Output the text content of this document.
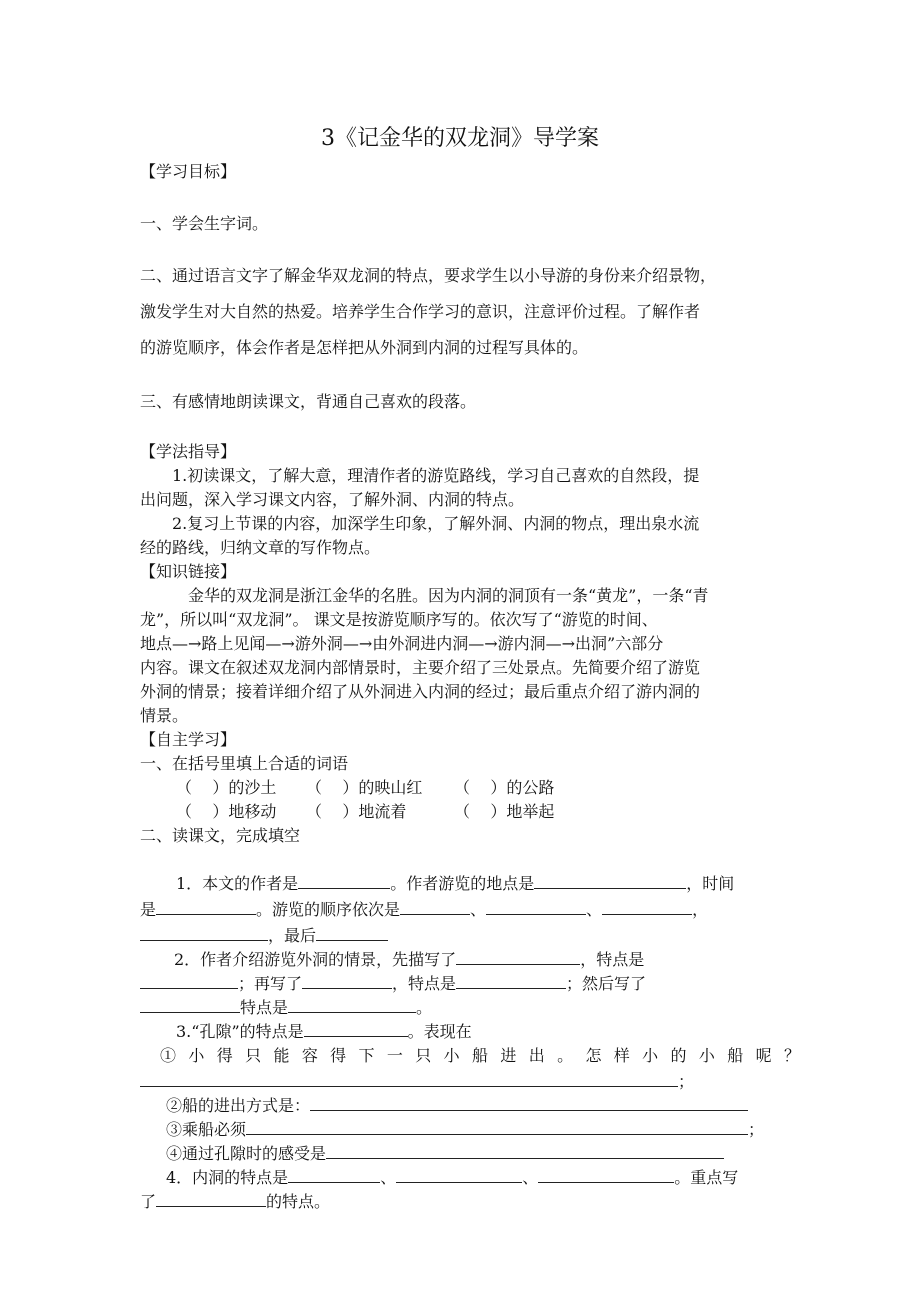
3《记金华的双龙洞》导学案
【学习目标】
一、学会生字词。
二、通过语言文字了解金华双龙洞的特点，要求学生以小导游的身份来介绍景物，
激发学生对大自然的热爱。培养学生合作学习的意识，注意评价过程。了解作者
的游览顺序，体会作者是怎样把从外洞到内洞的过程写具体的。
三、有感情地朗读课文，背通自己喜欢的段落。
【学法指导】
1.初读课文，了解大意，理清作者的游览路线，学习自己喜欢的自然段，提
出问题，深入学习课文内容，了解外洞、内洞的特点。
2.复习上节课的内容，加深学生印象，了解外洞、内洞的物点，理出泉水流
经的路线，归纳文章的写作物点。
【知识链接】
金华的双龙洞是浙江金华的名胜。因为内洞的洞顶有一条“黄龙”，一条“青
龙”，所以叫“双龙洞”。 课文是按游览顺序写的。依次写了“游览的时间、
地点—→路上见闻—→游外洞—→由外洞进内洞—→游内洞—→出洞”六部分
内容。课文在叙述双龙洞内部情景时，主要介绍了三处景点。先简要介绍了游览
外洞的情景；接着详细介绍了从外洞进入内洞的经过；最后重点介绍了游内洞的
情景。
【自主学习】
一、在括号里填上合适的词语
（    ）的沙土 （    ）的映山红 （    ）的公路
（    ）地移动 （    ）地流着	（    ）地举起
二、读课文，完成填空

1．本文的作者是	。作者游览的地点是	，时间

是	。游览的顺序依次是	、	、	，

，最后

2．作者介绍游览外洞的情景，先描写了	，特点是

；再写了	，特点是	；然后写了

特点是	。

3.“孔隙”的特点是	。表现在

①小得只能容得下一只小船进出。怎样小的小船呢？

；

②船的进出方式是：

③乘船必须	；

④通过孔隙时的感受是

4．内洞的特点是	、	、	。重点写

了	的特点。
